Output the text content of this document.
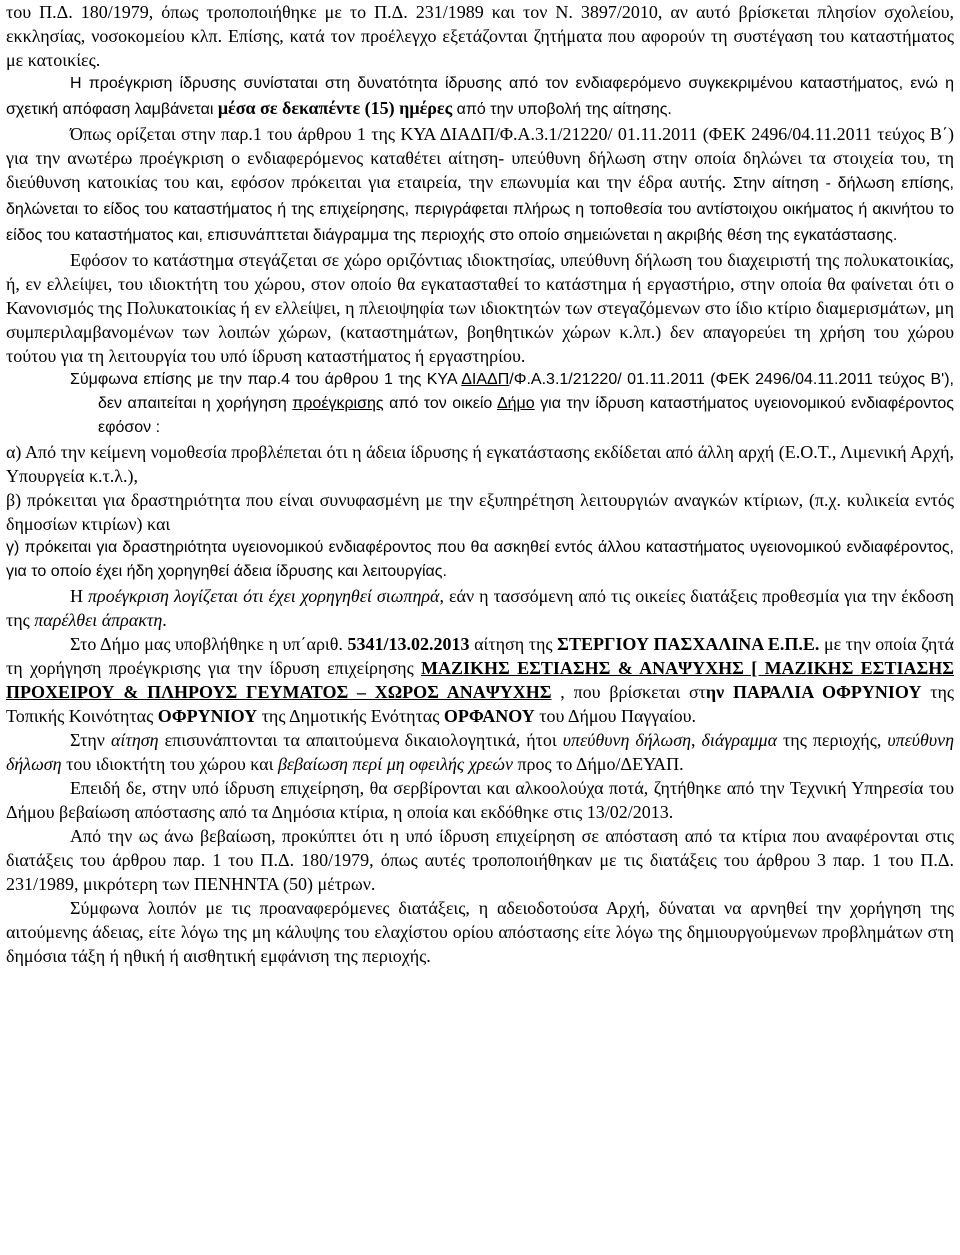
του Π.Δ. 180/1979, όπως τροποποιήθηκε με το Π.Δ. 231/1989 και τον Ν. 3897/2010, αν αυτό βρίσκεται πλησίον σχολείου, εκκλησίας, νοσοκομείου κλπ. Επίσης, κατά τον προέλεγχο εξετάζονται ζητήματα που αφορούν τη συστέγαση του καταστήματος με κατοικίες.

Η προέγκριση ίδρυσης συνίσταται στη δυνατότητα ίδρυσης από τον ενδιαφερόμενο συγκεκριμένου καταστήματος, ενώ η σχετική απόφαση λαμβάνεται μέσα σε δεκαπέντε (15) ημέρες από την υποβολή της αίτησης.

Όπως ορίζεται στην παρ.1 του άρθρου 1 της ΚΥΑ ΔΙΑΔΠ/Φ.Α.3.1/21220/ 01.11.2011 (ΦΕΚ 2496/04.11.2011 τεύχος Β΄) για την ανωτέρω προέγκριση ο ενδιαφερόμενος καταθέτει αίτηση- υπεύθυνη δήλωση στην οποία δηλώνει τα στοιχεία του, τη διεύθυνση κατοικίας του και, εφόσον πρόκειται για εταιρεία, την επωνυμία και την έδρα αυτής. Στην αίτηση - δήλωση επίσης, δηλώνεται το είδος του καταστήματος ή της επιχείρησης, περιγράφεται πλήρως η τοποθεσία του αντίστοιχου οικήματος ή ακινήτου το είδος του καταστήματος και, επισυνάπτεται διάγραμμα της περιοχής στο οποίο σημειώνεται η ακριβής θέση της εγκατάστασης.

Εφόσον το κατάστημα στεγάζεται σε χώρο οριζόντιας ιδιοκτησίας, υπεύθυνη δήλωση του διαχειριστή της πολυκατοικίας, ή, εν ελλείψει, του ιδιοκτήτη του χώρου, στον οποίο θα εγκατασταθεί το κατάστημα ή εργαστήριο, στην οποία θα φαίνεται ότι ο Κανονισμός της Πολυκατοικίας ή εν ελλείψει, η πλειοψηφία των ιδιοκτητών των στεγαζόμενων στο ίδιο κτίριο διαμερισμάτων, μη συμπεριλαμβανομένων των λοιπών χώρων, (καταστημάτων, βοηθητικών χώρων κ.λπ.) δεν απαγορεύει τη χρήση του χώρου τούτου για τη λειτουργία του υπό ίδρυση καταστήματος ή εργαστηρίου.

Σύμφωνα επίσης με την παρ.4 του άρθρου 1 της ΚΥΑ ΔΙΑΔΠ/Φ.Α.3.1/21220/ 01.11.2011 (ΦΕΚ 2496/04.11.2011 τεύχος Β'), δεν απαιτείται η χορήγηση προέγκρισης από τον οικείο Δήμο για την ίδρυση καταστήματος υγειονομικού ενδιαφέροντος εφόσον :

α) Από την κείμενη νομοθεσία προβλέπεται ότι η άδεια ίδρυσης ή εγκατάστασης εκδίδεται από άλλη αρχή (Ε.Ο.Τ., Λιμενική Αρχή, Υπουργεία κ.τ.λ.),

β) πρόκειται για δραστηριότητα που είναι συνυφασμένη με την εξυπηρέτηση λειτουργιών αναγκών κτίριων, (π.χ. κυλικεία εντός δημοσίων κτιρίων) και

γ) πρόκειται για δραστηριότητα υγειονομικού ενδιαφέροντος που θα ασκηθεί εντός άλλου καταστήματος υγειονομικού ενδιαφέροντος, για το οποίο έχει ήδη χορηγηθεί άδεια ίδρυσης και λειτουργίας.

Η προέγκριση λογίζεται ότι έχει χορηγηθεί σιωπηρά, εάν η τασσόμενη από τις οικείες διατάξεις προθεσμία για την έκδοση της παρέλθει άπρακτη.

Στο Δήμο μας υποβλήθηκε η υπ΄αριθ. 5341/13.02.2013 αίτηση της ΣΤΕΡΓΙΟΥ ΠΑΣΧΑΛΙΝΑ Ε.Π.Ε. με την οποία ζητά τη χορήγηση προέγκρισης για την ίδρυση επιχείρησης ΜΑΖΙΚΗΣ ΕΣΤΙΑΣΗΣ & ΑΝΑΨΥΧΗΣ [ ΜΑΖΙΚΗΣ ΕΣΤΙΑΣΗΣ ΠΡΟΧΕΙΡΟΥ & ΠΛΗΡΟΥΣ ΓΕΥΜΑΤΟΣ – ΧΩΡΟΣ ΑΝΑΨΥΧΗΣ , που βρίσκεται στην ΠΑΡΑΛΙΑ ΟΦΡΥΝΙΟΥ της Τοπικής Κοινότητας ΟΦΡΥΝΙΟΥ της Δημοτικής Ενότητας ΟΡΦΑΝΟΥ του Δήμου Παγγαίου.

Στην αίτηση επισυνάπτονται τα απαιτούμενα δικαιολογητικά, ήτοι υπεύθυνη δήλωση, διάγραμμα της περιοχής, υπεύθυνη δήλωση του ιδιοκτήτη του χώρου και βεβαίωση περί μη οφειλής χρεών προς το Δήμο/ΔΕΥΑΠ.

Επειδή δε, στην υπό ίδρυση επιχείρηση, θα σερβίρονται και αλκοολούχα ποτά, ζητήθηκε από την Τεχνική Υπηρεσία του Δήμου βεβαίωση απόστασης από τα Δημόσια κτίρια, η οποία και εκδόθηκε στις 13/02/2013.

Από την ως άνω βεβαίωση, προκύπτει ότι η υπό ίδρυση επιχείρηση σε απόσταση από τα κτίρια που αναφέρονται στις διατάξεις του άρθρου παρ. 1 του Π.Δ. 180/1979, όπως αυτές τροποποιήθηκαν με τις διατάξεις του άρθρου 3 παρ. 1 του Π.Δ. 231/1989, μικρότερη των ΠΕΝΗΝΤΑ (50) μέτρων.

Σύμφωνα λοιπόν με τις προαναφερόμενες διατάξεις, η αδειοδοτούσα Αρχή, δύναται να αρνηθεί την χορήγηση της αιτούμενης άδειας, είτε λόγω της μη κάλυψης του ελαχίστου ορίου απόστασης είτε λόγω της δημιουργούμενων προβλημάτων στη δημόσια τάξη ή ηθική ή αισθητική εμφάνιση της περιοχής.
